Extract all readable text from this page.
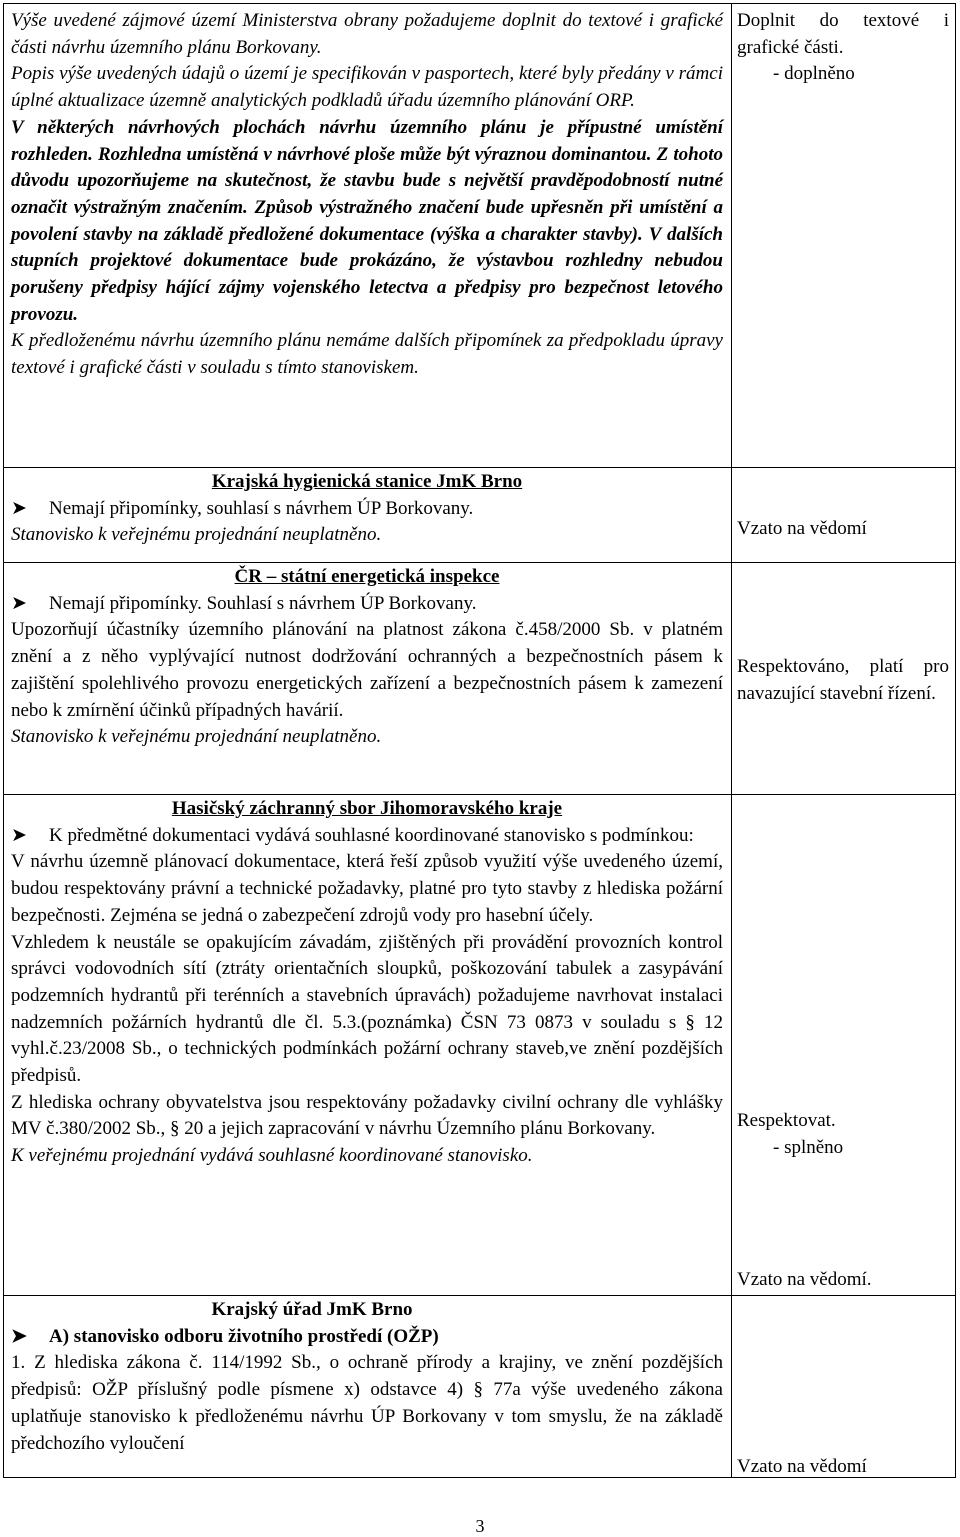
Výše uvedené zájmové území Ministerstva obrany požadujeme doplnit do textové i grafické části návrhu územního plánu Borkovany.

Popis výše uvedených údajů o území je specifikován v pasportech, které byly předány v rámci úplné aktualizace územně analytických podkladů úřadu územního plánování ORP.

V některých návrhových plochách návrhu územního plánu je přípustné umístění rozhleden. Rozhledna umístěná v návrhové ploše může být výraznou dominantou. Z tohoto důvodu upozorňujeme na skutečnost, že stavbu bude s největší pravděpodobností nutné označit výstražným značením. Způsob výstražného značení bude upřesněn při umístění a povolení stavby na základě předložené dokumentace (výška a charakter stavby). V dalších stupních projektové dokumentace bude prokázáno, že výstavbou rozhledny nebudou porušeny předpisy hájící zájmy vojenského letectva a předpisy pro bezpečnost letového provozu.

K předloženému návrhu územního plánu nemáme dalších připomínek za předpokladu úpravy textové i grafické části v souladu s tímto stanoviskem.

Doplnit do textové i grafické části.

- doplněno

Krajská hygienická stanice JmK Brno

➤ Nemají připomínky, souhlasí s návrhem ÚP Borkovany.

Stanovisko k veřejnému projednání neuplatněno.	Vzato na vědomí

ČR – státní energetická inspekce

➤ Nemají připomínky. Souhlasí s návrhem ÚP Borkovany.

Upozorňují účastníky územního plánování na platnost zákona č.458/2000 Sb. v platném znění a z něho vyplývající nutnost dodržování ochranných a bezpečnostních pásem k zajištění spolehlivého provozu energetických zařízení a bezpečnostních pásem k zamezení nebo k zmírnění účinků případných havárií.

Stanovisko k veřejnému projednání neuplatněno.

Respektováno, platí pro navazující stavební řízení.

Hasičský záchranný sbor Jihomoravského kraje

➤ K předmětné dokumentaci vydává souhlasné koordinované stanovisko s podmínkou:

V návrhu územně plánovací dokumentace, která řeší způsob využití výše uvedeného území, budou respektovány právní a technické požadavky, platné pro tyto stavby z hlediska požární bezpečnosti. Zejména se jedná o zabezpečení zdrojů vody pro hasební účely.

Vzhledem k neustále se opakujícím závadám, zjištěných při provádění provozních kontrol správci vodovodních sítí (ztráty orientačních sloupků, poškozování tabulek a zasypávání podzemních hydrantů při terénních a stavebních úpravách) požadujeme navrhovat instalaci nadzemních požárních hydrantů dle čl. 5.3.(poznámka) ČSN 73 0873 v souladu s § 12 vyhl.č.23/2008 Sb., o technických podmínkách požární ochrany staveb,ve znění pozdějších předpisů.

Z hlediska ochrany obyvatelstva jsou respektovány požadavky civilní ochrany dle vyhlášky MV č.380/2002 Sb., § 20 a jejich zapracování v návrhu Územního plánu Borkovany.

K veřejnému projednání vydává souhlasné koordinované stanovisko.

Respektovat.

- splněno

Vzato na vědomí.

Krajský úřad JmK Brno

➤ A) stanovisko odboru životního prostředí (OŽP)

1. Z hlediska zákona č. 114/1992 Sb., o ochraně přírody a krajiny, ve znění pozdějších předpisů: OŽP příslušný podle písmene x) odstavce 4) § 77a výše uvedeného zákona uplatňuje stanovisko k předloženému návrhu ÚP Borkovany v tom smyslu, že na základě předchozího vyloučení

Vzato na vědomí

3
